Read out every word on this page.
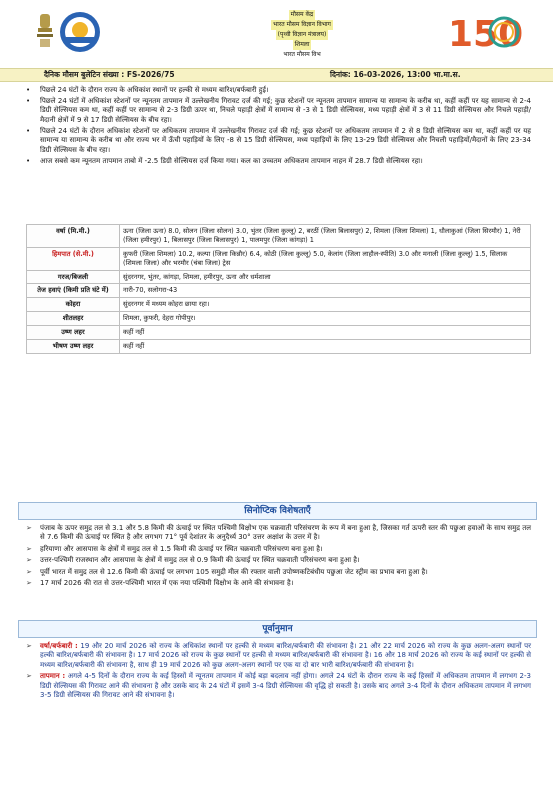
मौसम केंद्र
भारत मौसम विज्ञान विभाग
(पृथ्वी विज्ञान मंत्रालय)
शिमला
भारत मौसम विभ	150
दैनिक मौसम बुलेटिन संख्या : FS-2026/75	दिनांक: 16-03-2026, 13:00 भा.मा.स.
•	पिछले 24 घंटों के दौरान राज्य के अधिकांश स्थानों पर हल्की से मध्यम बारिश/बर्फबारी हुई।
•	पिछले 24 घंटों में अधिकांश स्टेशनों पर न्यूनतम तापमान में उल्लेखनीय गिरावट दर्ज की गई; कुछ स्टेशनों पर न्यूनतम तापमान सामान्य या सामान्य के करीब था, कहीं कहीं पर यह सामान्य से 2-4 डिग्री सेल्सियस कम था, कहीं कहीं पर सामान्य से 2-3 डिग्री ऊपर था, निचले पहाड़ी क्षेत्रों में सामान्य से -3 से 1 डिग्री सेल्सियस, मध्य पहाड़ी क्षेत्रों में 3 से 11 डिग्री सेल्सियस और निचले पहाड़ी/मैदानी क्षेत्रों में 9 से 17 डिग्री सेल्सियस के बीच रहा।
•	पिछले 24 घंटों के दौरान अधिकांश स्टेशनों पर अधिकतम तापमान में उल्लेखनीय गिरावट दर्ज की गई; कुछ स्टेशनों पर अधिकतम तापमान में 2 से 8 डिग्री सेल्सियस कम था, कहीं कहीं पर यह सामान्य या सामान्य के करीब था और राज्य भर में ऊँची पहाड़ियों के लिए -8 से 15 डिग्री सेल्सियस, मध्य पहाड़ियों के लिए 13-29 डिग्री सेल्सियस और निचली पहाड़ियों/मैदानों के लिए 23-34 डिग्री सेल्सियस के बीच रहा।
•	आज सबसे कम न्यूनतम तापमान ताबो में -2.5 डिग्री सेल्सियस दर्ज किया गया। कल का उच्चतम अधिकतम तापमान नाहन में 28.7 डिग्री सेल्सियस रहा।
वर्षा (मि.मी.)	ऊना (जिला ऊना) 8.0, सोलन (जिला सोलन) 3.0, भुंतर (जिला कुल्लू) 2, बरठीं (जिला बिलासपुर) 2, शिमला (जिला शिमला) 1, धौलाकुआं (जिला सिरमौर) 1, नेरी (जिला हमीरपुर) 1, बिलासपुर (जिला बिलासपुर) 1, पालमपुर (जिला कांगड़ा) 1
हिमपात (से.मी.)	कुफरी (जिला शिमला) 10.2, कल्पा (जिला किन्नौर) 6.4, कोठी (जिला कुल्लू) 5.0, केलांग (जिला लाहौल-स्पीति) 3.0 और मनाली (जिला कुल्लू) 1.5, सिलाक (शिमला जिला) और भरमौर (चंबा जिला) ट्रेस
गरज/बिजली	सुंदरनगर, भुंतर, कांगड़ा, शिमला, हमीरपुर, ऊना और धर्मशाला
तेज हवाएं (किमी प्रति घंटे में)	नारी-70, सलोगरा-43
कोहरा	सुंदरनगर में मध्यम कोहरा छाया रहा।
शीतलहर	शिमला, कुफरी, देहरा गोपीपुर।
उष्ण लहर	कहीं नहीं
भीषण उष्ण लहर	कहीं नहीं
सिनोप्टिक विशेषताएँ
➢	पंजाब के ऊपर समुद्र तल से 3.1 और 5.8 किमी की ऊंचाई पर स्थित पश्चिमी विक्षोभ एक चक्रवाती परिसंचरण के रूप में बना हुआ है, जिसका गर्त ऊपरी स्तर की पछुआ हवाओं के साथ समुद्र तल से 7.6 किमी की ऊंचाई पर स्थित है और लगभग 71° पूर्व देशांतर के अनुदैर्ध्य 30° उत्तर अक्षांश के उत्तर में है।
➢	हरियाणा और आसपास के क्षेत्रों में समुद्र तल से 1.5 किमी की ऊंचाई पर स्थित चक्रवाती परिसंचरण बना हुआ है।
➢	उत्तर-पश्चिमी राजस्थान और आसपास के क्षेत्रों में समुद्र तल से 0.9 किमी की ऊंचाई पर स्थित चक्रवाती परिसंचरण बना हुआ है।
➢	पूर्वी भारत में समुद्र तल से 12.6 किमी की ऊंचाई पर लगभग 105 समुद्री मील की रफ्तार वाली उपोष्णकटिबंधीय पछुआ जेट स्ट्रीम का प्रभाव बना हुआ है।
➢	17 मार्च 2026 की रात से उत्तर-पश्चिमी भारत में एक नया पश्चिमी विक्षोभ के आने की संभावना है।
पूर्वानुमान
➢	वर्षा/बर्फबारी : 19 और 20 मार्च 2026 को राज्य के अधिकांश स्थानों पर हल्की से मध्यम बारिश/बर्फबारी की संभावना है। 21 और 22 मार्च 2026 को राज्य के कुछ अलग-अलग स्थानों पर हल्की बारिश/बर्फबारी की संभावना है। 17 मार्च 2026 को राज्य के कुछ स्थानों पर हल्की से मध्यम बारिश/बर्फबारी की संभावना है। 16 और 18 मार्च 2026 को राज्य के कई स्थानों पर हल्की से मध्यम बारिश/बर्फबारी की संभावना है, साथ ही 19 मार्च 2026 को कुछ अलग-अलग स्थानों पर एक या दो बार भारी बारिश/बर्फबारी की संभावना है।
➢	तापमान : अगले 4-5 दिनों के दौरान राज्य के कई हिस्सों में न्यूनतम तापमान में कोई बड़ा बदलाव नहीं होगा। अगले 24 घंटों के दौरान राज्य के कई हिस्सों में अधिकतम तापमान में लगभग 2-3 डिग्री सेल्सियस की गिरावट आने की संभावना है और उसके बाद के 24 घंटों में इसमें 3-4 डिग्री सेल्सियस की वृद्धि हो सकती है। उसके बाद अगले 3-4 दिनों के दौरान अधिकतम तापमान में लगभग 3-5 डिग्री सेल्सियस की गिरावट आने की संभावना है।
